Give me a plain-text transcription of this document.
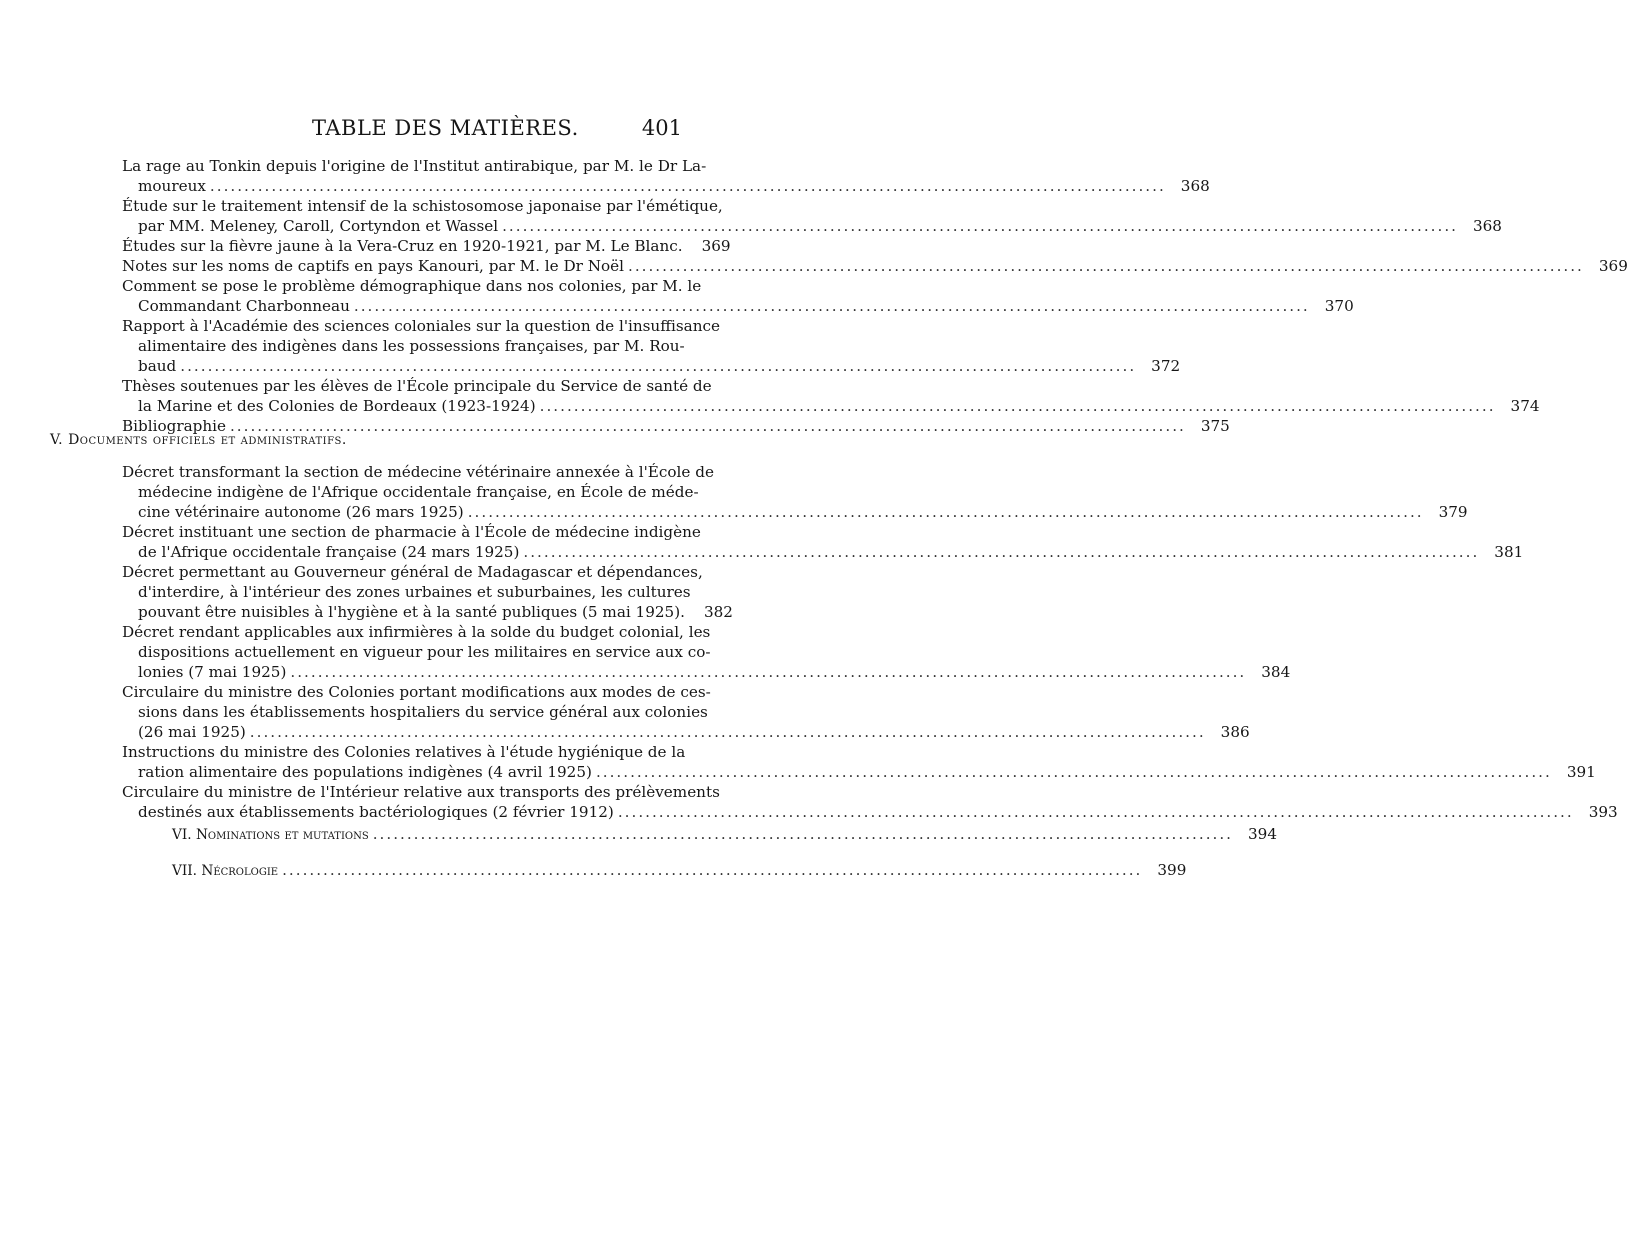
TABLE DES MATIÈRES.	401
La rage au Tonkin depuis l'origine de l'Institut antirabique, par M. le Dr La-
moureux ............................................................................................................................................ 368
Étude sur le traitement intensif de la schistosomose japonaise par l'émétique,
par MM. Meleney, Caroll, Cortyndon et Wassel ............................................................................................................................................ 368
Études sur la fièvre jaune à la Vera-Cruz en 1920-1921, par M. Le Blanc.	369
Notes sur les noms de captifs en pays Kanouri, par M. le Dr Noël ............................................................................................................................................ 369
Comment se pose le problème démographique dans nos colonies, par M. le
Commandant Charbonneau ............................................................................................................................................ 370
Rapport à l'Académie des sciences coloniales sur la question de l'insuffisance
alimentaire des indigènes dans les possessions françaises, par M. Rou-
baud ............................................................................................................................................ 372
Thèses soutenues par les élèves de l'École principale du Service de santé de
la Marine et des Colonies de Bordeaux (1923-1924) ............................................................................................................................................ 374
Bibliographie ............................................................................................................................................ 375
V. Documents officiels et administratifs.
Décret transformant la section de médecine vétérinaire annexée à l'École de
médecine indigène de l'Afrique occidentale française, en École de méde-
cine vétérinaire autonome (26 mars 1925) ............................................................................................................................................ 379
Décret instituant une section de pharmacie à l'École de médecine indigène
de l'Afrique occidentale française (24 mars 1925) ............................................................................................................................................ 381
Décret permettant au Gouverneur général de Madagascar et dépendances,
d'interdire, à l'intérieur des zones urbaines et suburbaines, les cultures
pouvant être nuisibles à l'hygiène et à la santé publiques (5 mai 1925).	382
Décret rendant applicables aux infirmières à la solde du budget colonial, les
dispositions actuellement en vigueur pour les militaires en service aux co-
lonies (7 mai 1925) ............................................................................................................................................ 384
Circulaire du ministre des Colonies portant modifications aux modes de ces-
sions dans les établissements hospitaliers du service général aux colonies
(26 mai 1925) ............................................................................................................................................ 386
Instructions du ministre des Colonies relatives à l'étude hygiénique de la
ration alimentaire des populations indigènes (4 avril 1925) ............................................................................................................................................ 391
Circulaire du ministre de l'Intérieur relative aux transports des prélèvements
destinés aux établissements bactériologiques (2 février 1912) ............................................................................................................................................ 393
VI. Nominations et mutations .............................................................................................................................. 394
VII. Nécrologie .............................................................................................................................. 399
